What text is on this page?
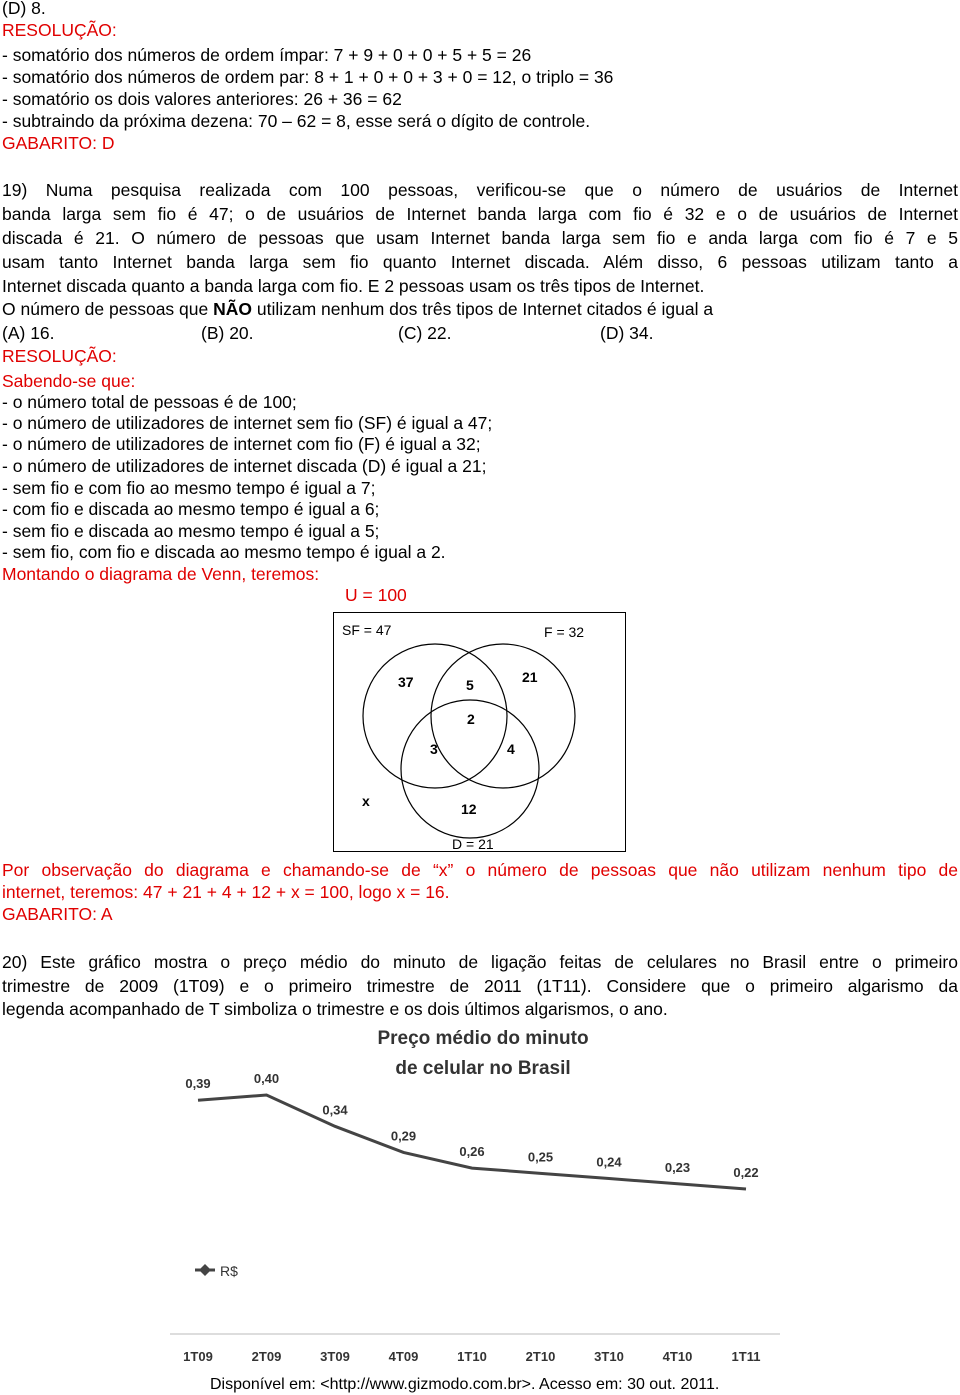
(D) 8.
RESOLUÇÃO:
- somatório dos números de ordem ímpar: 7 + 9 + 0 + 0 + 5 + 5 = 26
- somatório dos números de ordem par: 8 + 1 + 0 + 0 + 3 + 0 = 12, o triplo = 36
- somatório os dois valores anteriores: 26 + 36 = 62
- subtraindo da próxima dezena: 70 – 62 = 8, esse será o dígito de controle.
GABARITO: D
19) Numa pesquisa realizada com 100 pessoas, verificou-se que o número de usuários de Internet
banda larga sem fio é 47; o de usuários de Internet banda larga com fio é 32 e o de usuários de Internet
discada é 21. O número de pessoas que usam Internet banda larga sem fio e anda larga com fio é 7 e 5
usam tanto Internet banda larga sem fio quanto Internet discada. Além disso, 6 pessoas utilizam tanto a
Internet discada quanto a banda larga com fio. E 2 pessoas usam os três tipos de Internet.
O número de pessoas que NÃO utilizam nenhum dos três tipos de Internet citados é igual a
(A) 16.	(B) 20.	(C) 22.	(D) 34.
RESOLUÇÃO:
Sabendo-se que:
- o número total de pessoas é de 100;
- o número de utilizadores de internet sem fio (SF) é igual a 47;
- o número de utilizadores de internet com fio (F) é igual a 32;
- o número de utilizadores de internet discada (D) é igual a 21;
- sem fio e com fio ao mesmo tempo é igual a 7;
- com fio e discada ao mesmo tempo é igual a 6;
- sem fio e discada ao mesmo tempo é igual a 5;
- sem fio, com fio e discada ao mesmo tempo é igual a 2.
Montando o diagrama de Venn, teremos:
U = 100
SF = 47	F = 32
D = 21
37	5	21
2
3	4
12
x
Por observação do diagrama e chamando-se de “x” o número de pessoas que não utilizam nenhum tipo de
internet, teremos: 47 + 21 + 4 + 12 + x = 100, logo x = 16.
GABARITO: A
20) Este gráfico mostra o preço médio do minuto de ligação feitas de celulares no Brasil entre o primeiro
trimestre de 2009 (1T09) e o primeiro trimestre de 2011 (1T11). Considere que o primeiro algarismo da
legenda acompanhado de T simboliza o trimestre e os dois últimos algarismos, o ano.
Preço médio do minuto
de celular no Brasil
0,39
1T09
0,40
2T09
0,34
3T09
0,29
4T09
0,26
1T10
0,25
2T10
0,24
3T10
0,23
4T10
0,22
1T11
R$
Disponível em: <http://www.gizmodo.com.br>. Acesso em: 30 out. 2011.
